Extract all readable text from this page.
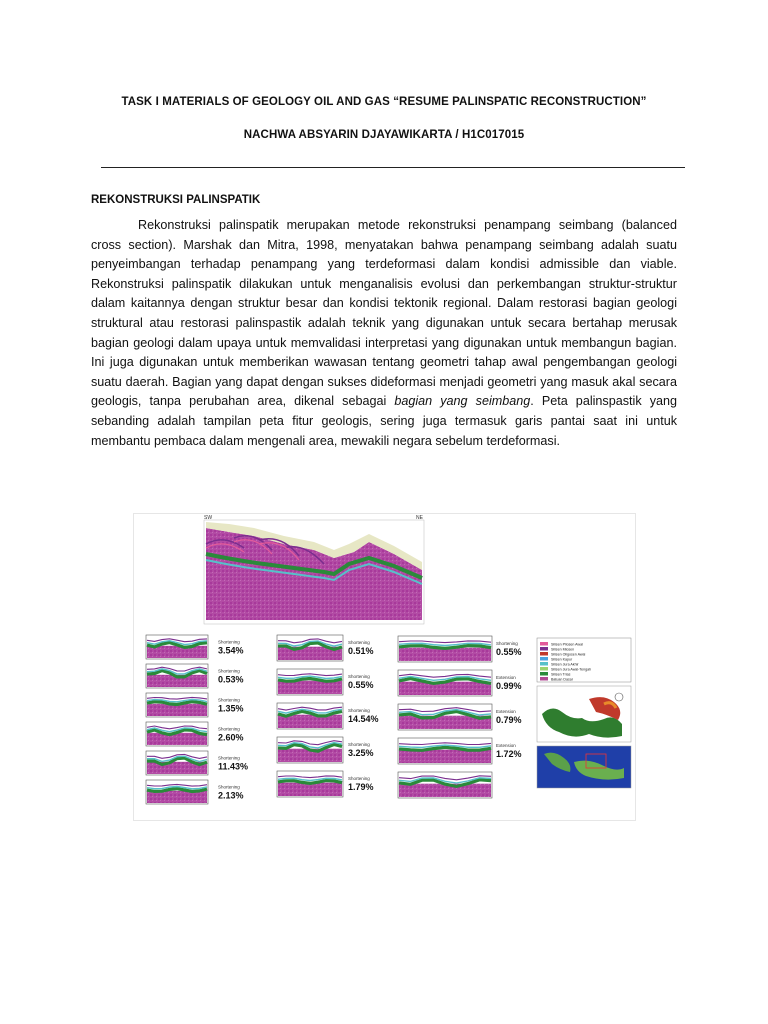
TASK I MATERIALS OF GEOLOGY OIL AND GAS “RESUME PALINSPATIC RECONSTRUCTION”
NACHWA ABSYARIN DJAYAWIKARTA / H1C017015
REKONSTRUKSI PALINSPATIK
Rekonstruksi palinspatik merupakan metode rekonstruksi penampang seimbang (balanced cross section). Marshak dan Mitra, 1998, menyatakan bahwa penampang seimbang adalah suatu penyeimbangan terhadap penampang yang terdeformasi dalam kondisi admissible dan viable. Rekonstruksi palinspatik dilakukan untuk menganalisis evolusi dan perkembangan struktur-struktur dalam kaitannya dengan struktur besar dan kondisi tektonik regional. Dalam restorasi bagian geologi struktural atau restorasi palinspastik adalah teknik yang digunakan untuk secara bertahap merusak bagian geologi dalam upaya untuk memvalidasi interpretasi yang digunakan untuk membangun bagian. Ini juga digunakan untuk memberikan wawasan tentang geometri tahap awal pengembangan geologi suatu daerah. Bagian yang dapat dengan sukses dideformasi menjadi geometri yang masuk akal secara geologis, tanpa perubahan area, dikenal sebagai bagian yang seimbang. Peta palinspastik yang sebanding adalah tampilan peta fitur geologis, sering juga termasuk garis pantai saat ini untuk membantu pembaca dalam mengenali area, mewakili negara sebelum terdeformasi.
SW	NE
Shortening
3.54%
Shortening
0.53%
Shortening
1.35%
Shortening
2.60%
Shortening
11.43%
Shortening
2.13%
Shortening
0.51%
Shortening
0.55%
Shortening
14.54%
Shortening
3.25%
Shortening
1.79%
Shortening
0.55%
Extension
0.99%
Extension
0.79%
Extension
1.72%
Silisen Pliosen Awal
Silisen Miosen
Silisen Oligosen Awal
Silisen Kapur
Silisen Jura Akhir
Silisen Jura Awal-Tengah
Silisen Trias
Batuan Dasar
